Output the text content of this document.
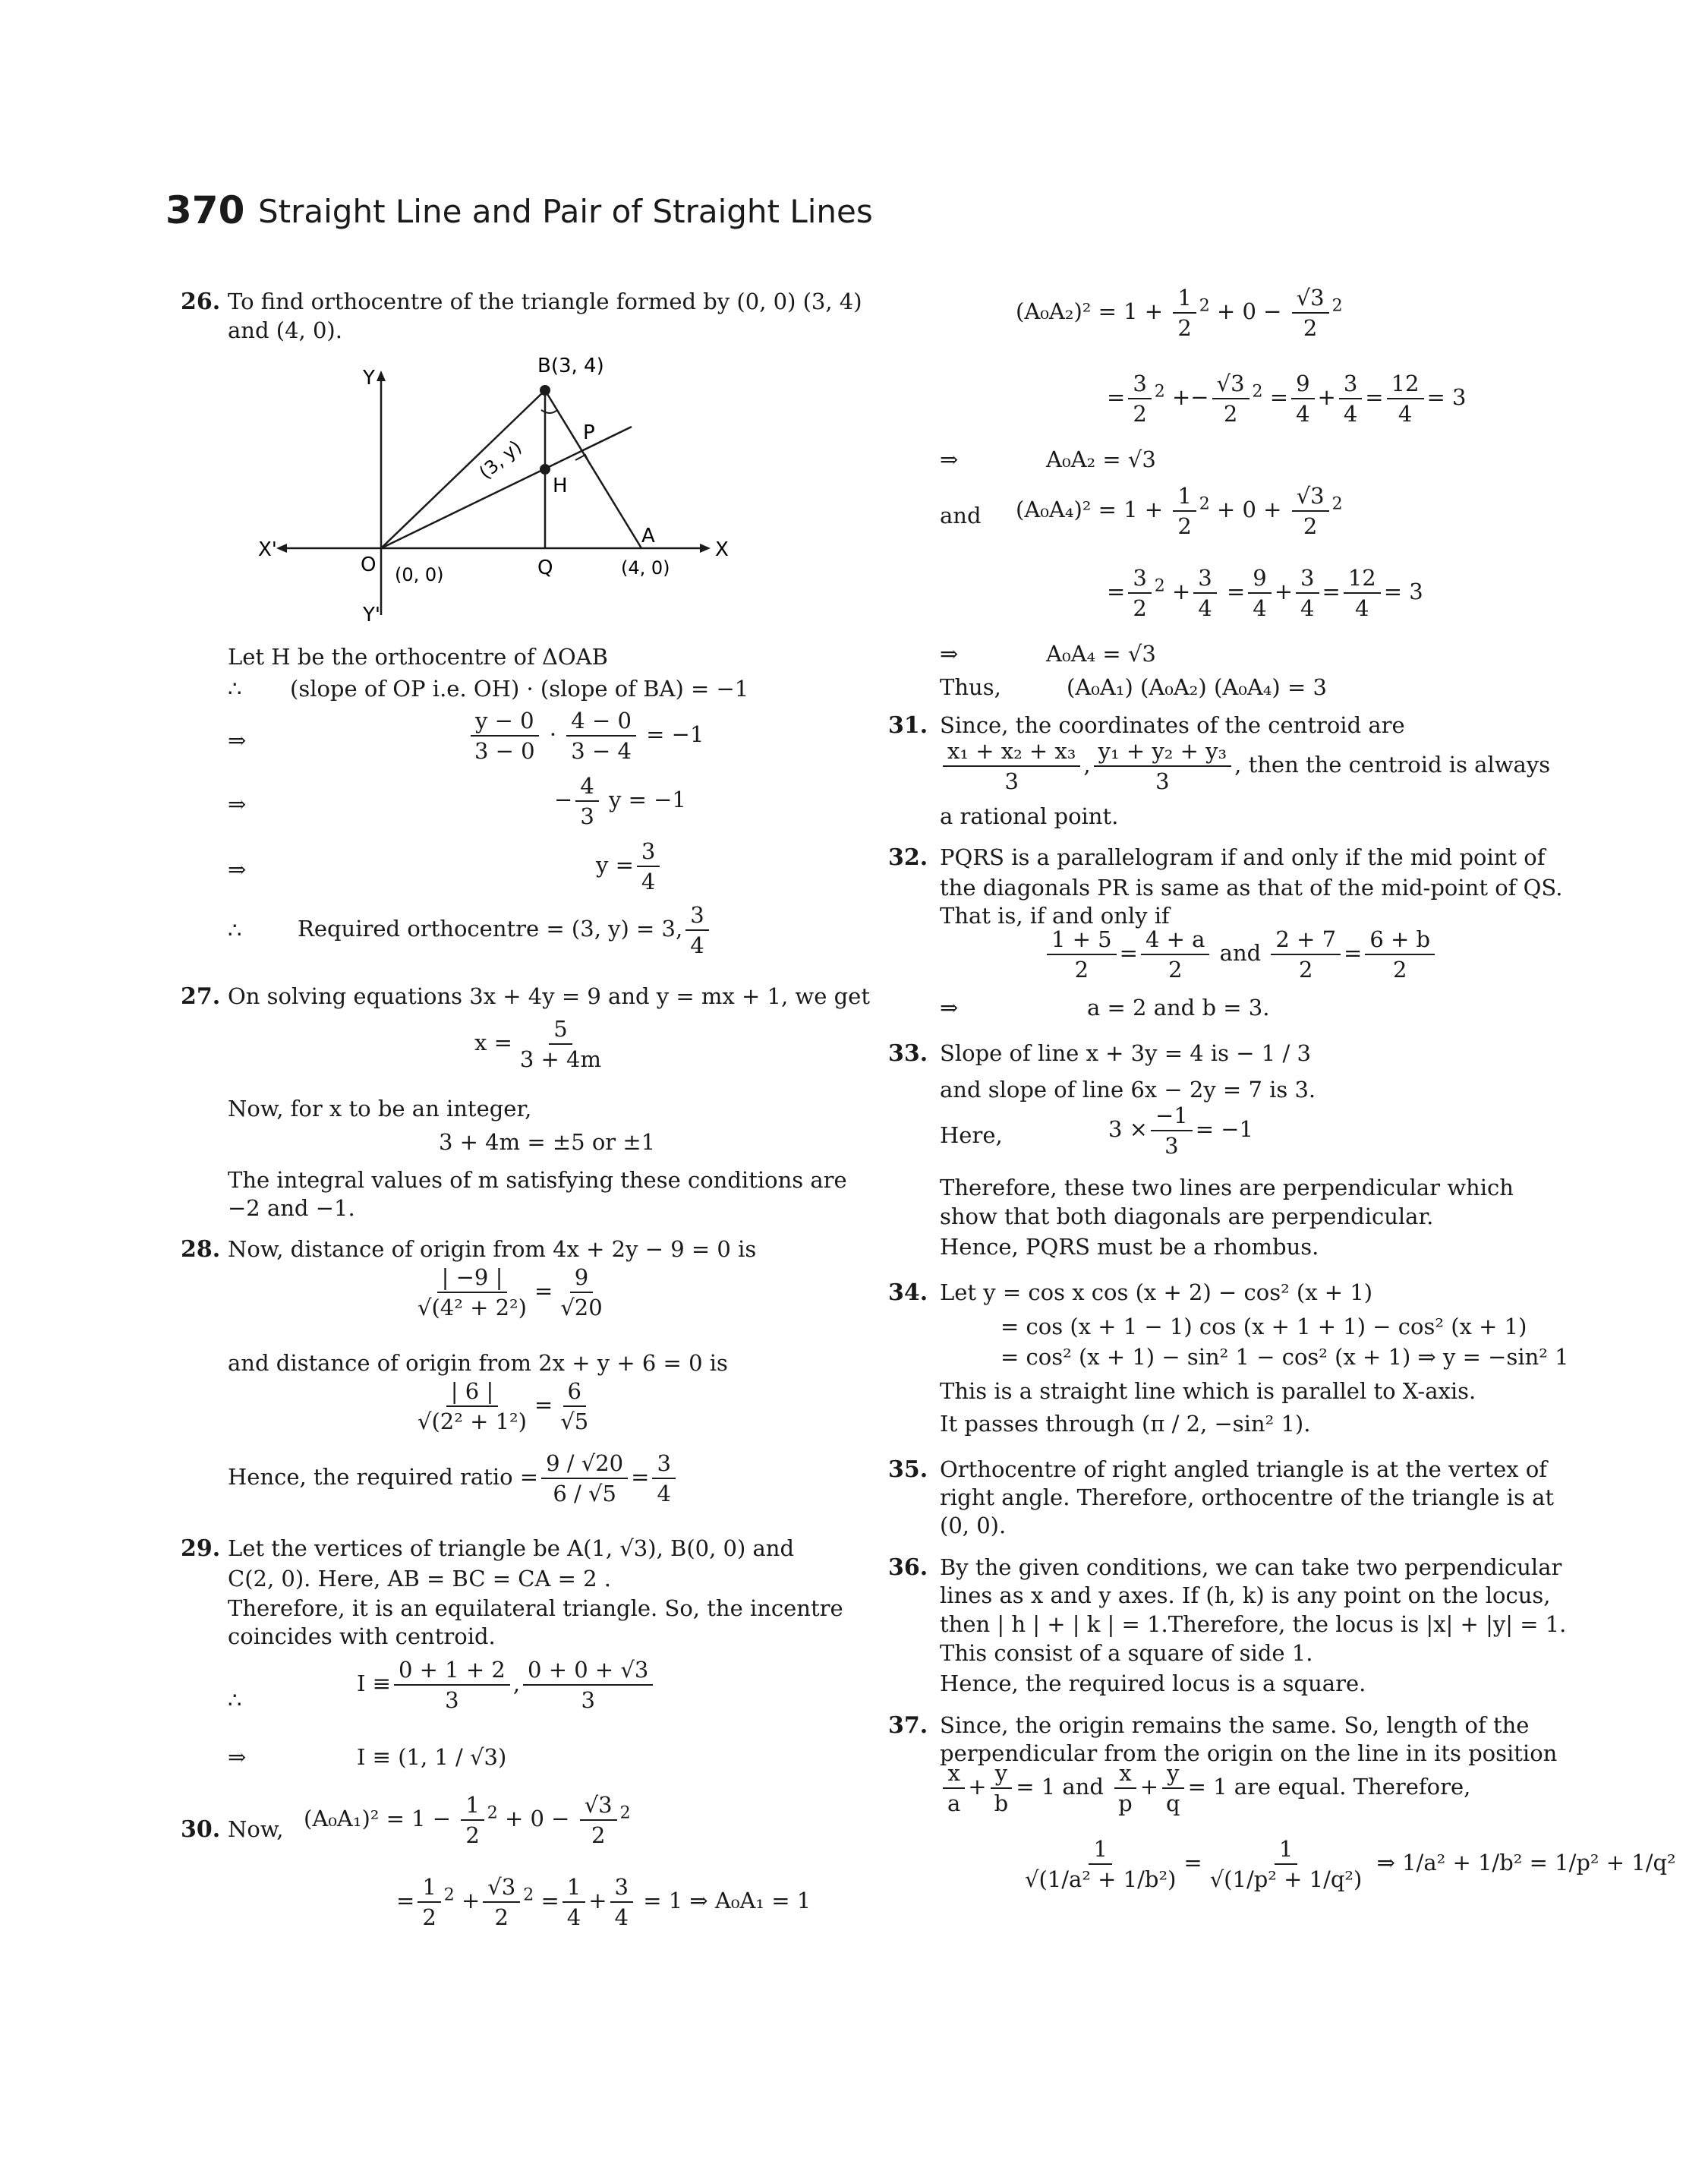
370 Straight Line and Pair of Straight Lines
26. To find orthocentre of the triangle formed by (0, 0) (3, 4)
and (4, 0).
Y
Y'
X
X'
O (0, 0)
B(3, 4)
P
H
(3, y)
Q
A
(4, 0)
Let H be the orthocentre of ΔOAB
∴ (slope of OP i.e. OH) · (slope of BA) = −1
⇒	$\frac{y - 0}{3 - 0} \cdot \frac{4 - 0}{3 - 4} = -1$
⇒	− $\frac{4}{3}$ y = −1
⇒	$y = \frac{3}{4}$
∴	Required orthocentre = (3, y) = 3, $\frac{3}{4}$
27. On solving equations 3x + 4y = 9 and y = mx + 1, we get
$x = \frac{5}{3 + 4m}$
Now, for x to be an integer,
3 + 4m = ±5 or ±1
The integral values of m satisfying these conditions are
−2 and −1.
28. Now, distance of origin from 4x + 2y − 9 = 0 is
$\frac{| -9 |}{\text{√(4² + 2²)}} = \frac{9}{√20}$
and distance of origin from 2x + y + 6 = 0 is
$\frac{| 6 |}{\text{√(2² + 1²)}} = \frac{6}{√5}$
Hence, the required ratio = $\frac{9 / √20}{6 / √5} = \frac{3}{4}$
29. Let the vertices of triangle be A(1, √3), B(0, 0) and
C(2, 0). Here, AB = BC = CA = 2 .
Therefore, it is an equilateral triangle. So, the incentre
coincides with centroid.
∴
$I \equiv \frac{0 + 1 + 2}{3}$ , $\frac{0 + 0 + √3}{3}$
⇒	I ≡ (1, 1 / √3)
30. Now, $(A_0A_1)^2 = 1 - \frac{1}{2} ^2 + 0 - \frac{√3}{2} ^2$
= $\frac{1}{2} ^2 + \frac{√3}{2} ^2 = \frac{1}{4} + \frac{3}{4} = 1$ ⇒ A₀A₁ = 1
$(A_0A_2)^2 = 1 + \frac{1}{2} ^2 + 0 - \frac{√3}{2} ^2$
= $\frac{3}{2} ^2 +- \frac{√3}{2} ^2 = \frac{9}{4} + \frac{3}{4} = \frac{12}{4} = 3$
⇒	A₀A₂ = √3
and $(A_0A_4)^2 = 1 + \frac{1}{2} ^2 + 0 + \frac{√3}{2} ^2$
= $\frac{3}{2} ^2 + \frac{3}{4} = \frac{9}{4} + \frac{3}{4} = \frac{12}{4} = 3$
⇒	A₀A₄ = √3
Thus,	(A₀A₁) (A₀A₂) (A₀A₄) = 3
31. Since, the coordinates of the centroid are
$\frac{\text{x₁ + x₂ + x₃}}{3}$ , $\frac{\text{y₁ + y₂ + y₃}}{3}$ , then the centroid is always
a rational point.
32. PQRS is a parallelogram if and only if the mid point of
the diagonals PR is same as that of the mid-point of QS.
That is, if and only if
$\frac{1 + 5}{2} = \frac{4 + a}{2}$ and $\frac{2 + 7}{2} = \frac{6 + b}{2}$
⇒	a = 2 and b = 3.
33. Slope of line x + 3y = 4 is − 1 / 3
and slope of line 6x − 2y = 7 is 3.
Here,	$3 \times \frac{-1}{3} = -1$
Therefore, these two lines are perpendicular which
show that both diagonals are perpendicular.
Hence, PQRS must be a rhombus.
34. Let y = cos x cos (x + 2) − cos² (x + 1)
= cos (x + 1 − 1) cos (x + 1 + 1) − cos² (x + 1)
= cos² (x + 1) − sin² 1 − cos² (x + 1) ⇒ y = −sin² 1
This is a straight line which is parallel to X-axis.
It passes through (π / 2, −sin² 1).
35. Orthocentre of right angled triangle is at the vertex of
right angle. Therefore, orthocentre of the triangle is at
(0, 0).
36. By the given conditions, we can take two perpendicular
lines as x and y axes. If (h, k) is any point on the locus,
then | h | + | k | = 1.Therefore, the locus is |x| + |y| = 1.
This consist of a square of side 1.
Hence, the required locus is a square.
37. Since, the origin remains the same. So, length of the
perpendicular from the origin on the line in its position
$\frac{x}{a} + \frac{y}{b} = 1$ and $\frac{x}{p} + \frac{y}{q} = 1$ are equal. Therefore,
$\frac{1}{\text{√(1/a² + 1/b²)}} = \frac{1}{\text{√(1/p² + 1/q²)}}$ ⇒ 1/a² + 1/b² = 1/p² + 1/q²
